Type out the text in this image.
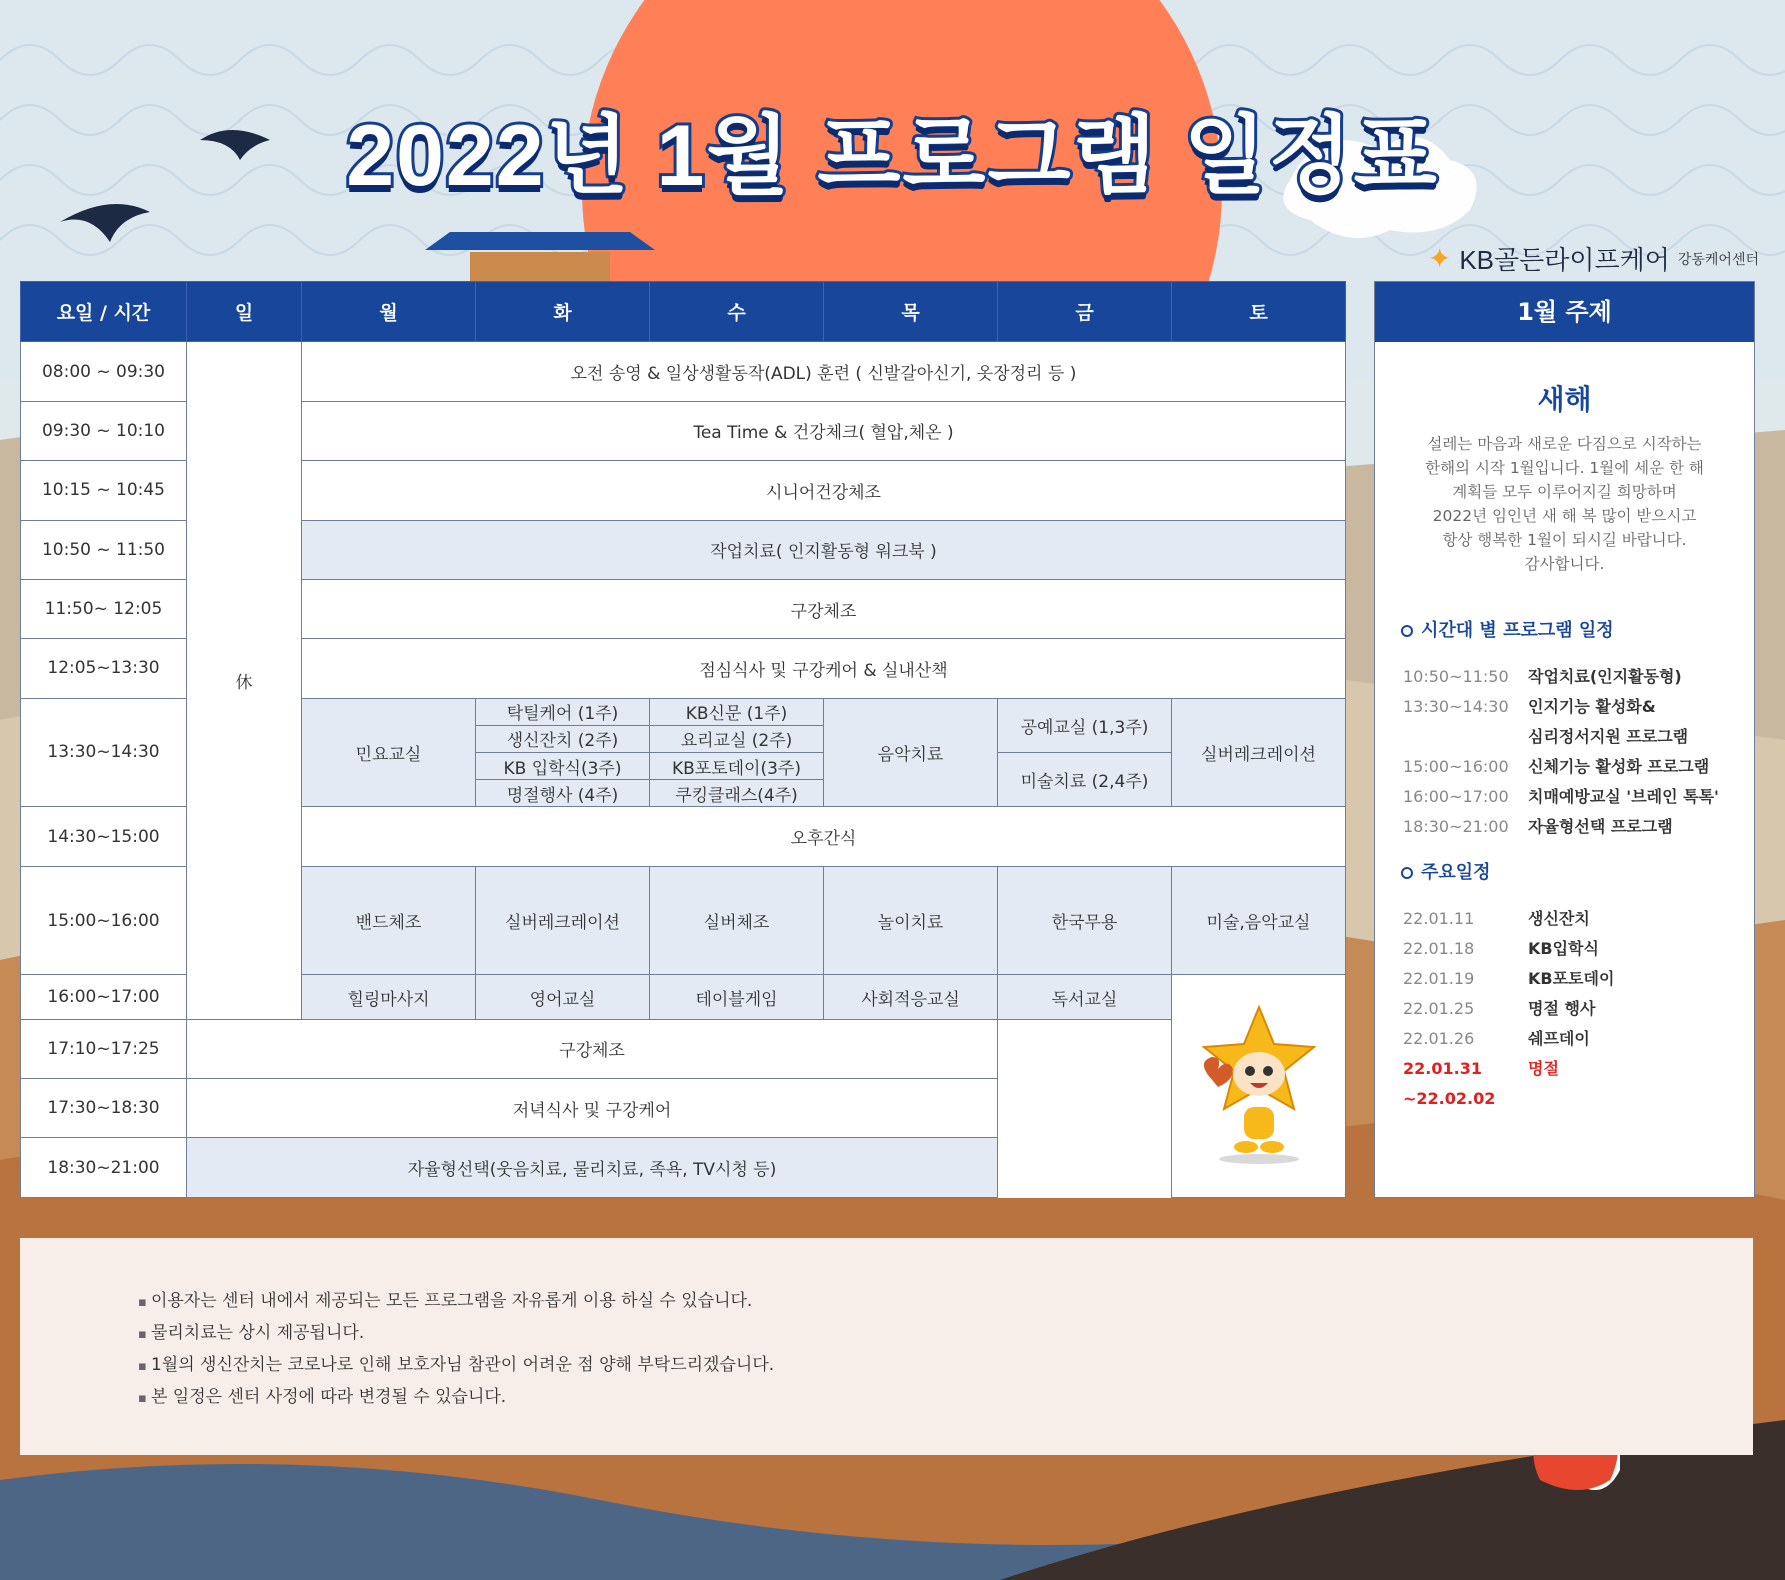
2022년 1월 프로그램 일정표
✦ KB골든라이프케어 강동케어센터
요일 / 시간	일	월	화	수	목	금	토
08:00 ~ 09:30	休	오전 송영 & 일상생활동작(ADL) 훈련 ( 신발갈아신기, 옷장정리 등 )					
09:30 ~ 10:10		Tea Time & 건강체크( 혈압,체온 )					
10:15 ~ 10:45		시니어건강체조					
10:50 ~ 11:50		작업치료( 인지활동형 워크북 )					
11:50~ 12:05		구강체조					
12:05~13:30		점심식사 및 구강케어 & 실내산책					
13:30~14:30		민요교실	탁틸케어 (1주)	KB신문 (1주)	음악치료	공예교실 (1,3주)	실버레크레이션
			생신잔치 (2주)	요리교실 (2주)			
			KB 입학식(3주)	KB포토데이(3주)		미술치료 (2,4주)	
			명절행사 (4주)	쿠킹클래스(4주)			
14:30~15:00		오후간식					
15:00~16:00		밴드체조	실버레크레이션	실버체조	놀이치료	한국무용	미술,음악교실
16:00~17:00		힐링마사지	영어교실	테이블게임	사회적응교실	독서교실	
17:10~17:25	구강체조						
17:30~18:30	저녁식사 및 구강케어						
18:30~21:00	자율형선택(웃음치료, 물리치료, 족욕, TV시청 등)						
1월 주제
새해
설레는 마음과 새로운 다짐으로 시작하는
한해의 시작 1월입니다. 1월에 세운 한 해
계획들 모두 이루어지길 희망하며
2022년 임인년 새 해 복 많이 받으시고
항상 행복한 1월이 되시길 바랍니다.
감사합니다.
시간대 별 프로그램 일정
10:50~11:50	작업치료(인지활동형)
13:30~14:30	인지기능 활성화&
심리정서지원 프로그램
15:00~16:00	신체기능 활성화 프로그램
16:00~17:00	치매예방교실 '브레인 톡톡'
18:30~21:00	자율형선택 프로그램
주요일정
22.01.11	생신잔치
22.01.18	KB입학식
22.01.19	KB포토데이
22.01.25	명절 행사
22.01.26	쉐프데이
22.01.31	명절
~22.02.02
▪ 이용자는 센터 내에서 제공되는 모든 프로그램을 자유롭게 이용 하실 수 있습니다.
▪ 물리치료는 상시 제공됩니다.
▪ 1월의 생신잔치는 코로나로 인해 보호자님 참관이 어려운 점 양해 부탁드리겠습니다.
▪ 본 일정은 센터 사정에 따라 변경될 수 있습니다.
